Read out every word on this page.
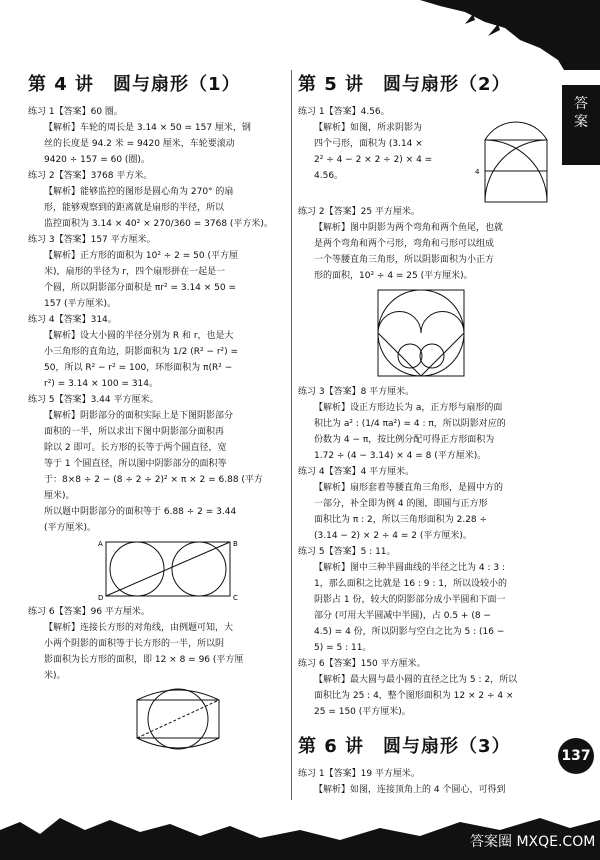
答
案
第 4 讲　圆与扇形（1）

练习 1【答案】60 圈。

【解析】车轮的周长是 3.14 × 50 = 157 厘米，钢

丝的长度是 94.2 米 = 9420 厘米，车轮要滚动

9420 ÷ 157 = 60 (圈)。

练习 2【答案】3768 平方米。

【解析】能够监控的图形是圆心角为 270° 的扇

形，能够观察到的距离就是扇形的半径，所以

监控面积为 3.14 × 40² × 270/360 = 3768 (平方米)。

练习 3【答案】157 平方厘米。

【解析】正方形的面积为 10² ÷ 2 = 50 (平方厘

米)，扇形的半径为 r，四个扇形拼在一起是一

个圆，所以阴影部分面积是 πr² = 3.14 × 50 =

157 (平方厘米)。

练习 4【答案】314。

【解析】设大小圆的半径分别为 R 和 r，也是大

小三角形的直角边，阴影面积为 1/2 (R² − r²) =

50，所以 R² − r² = 100，环形面积为 π(R² −

r²) = 3.14 × 100 = 314。

练习 5【答案】3.44 平方厘米。

【解析】阴影部分的面积实际上是下图阴影部分

面积的一半，所以求出下图中阴影部分面积再

除以 2 即可。长方形的长等于两个圆直径，宽

等于 1 个圆直径，所以图中阴影部分的面积等

于：8×8 ÷ 2 − (8 ÷ 2 ÷ 2)² × π × 2 = 6.88 (平方

厘米)。

所以题中阴影部分的面积等于 6.88 ÷ 2 = 3.44

(平方厘米)。

A	B
C
D

练习 6【答案】96 平方厘米。

【解析】连接长方形的对角线，由例题可知，大

小两个阴影的面积等于长方形的一半，所以阴

影面积为长方形的面积，即 12 × 8 = 96 (平方厘

米)。

第 5 讲　圆与扇形（2）

练习 1【答案】4.56。

【解析】如图，所求阴影为

四个弓形，面积为 (3.14 ×

2² ÷ 4 − 2 × 2 ÷ 2) × 4 =

4.56。	4

练习 2【答案】25 平方厘米。

【解析】图中阴影为两个弯角和两个鱼尾，也就

是两个弯角和两个弓形，弯角和弓形可以组成

一个等腰直角三角形，所以阴影面积为小正方

形的面积，10² ÷ 4 = 25 (平方厘米)。

练习 3【答案】8 平方厘米。

【解析】设正方形边长为 a，正方形与扇形的面

积比为 a² : (1/4 πa²) = 4 : π，所以阴影对应的

份数为 4 − π，按比例分配可得正方形面积为

1.72 ÷ (4 − 3.14) × 4 = 8 (平方厘米)。

练习 4【答案】4 平方厘米。

【解析】扇形套着等腰直角三角形，是圆中方的

一部分，补全即为例 4 的图，即圆与正方形

面积比为 π : 2，所以三角形面积为 2.28 ÷

(3.14 − 2) × 2 ÷ 4 = 2 (平方厘米)。

练习 5【答案】5 : 11。

【解析】图中三种半圆曲线的半径之比为 4 : 3 :

1，那么面积之比就是 16 : 9 : 1，所以设较小的

阴影占 1 份，较大的阴影部分成小半圆和下面一

部分 (可用大半圆减中半圆)，占 0.5 + (8 −

4.5) = 4 份，所以阴影与空白之比为 5 : (16 −

5) = 5 : 11。

练习 6【答案】150 平方厘米。

【解析】最大圆与最小圆的直径之比为 5 : 2，所以

面积比为 25 : 4，整个图形面积为 12 × 2 ÷ 4 ×

25 = 150 (平方厘米)。

第 6 讲　圆与扇形（3）

练习 1【答案】19 平方厘米。

【解析】如图，连接顶角上的 4 个圆心，可得到

137
答案圈 MXQE.COM
